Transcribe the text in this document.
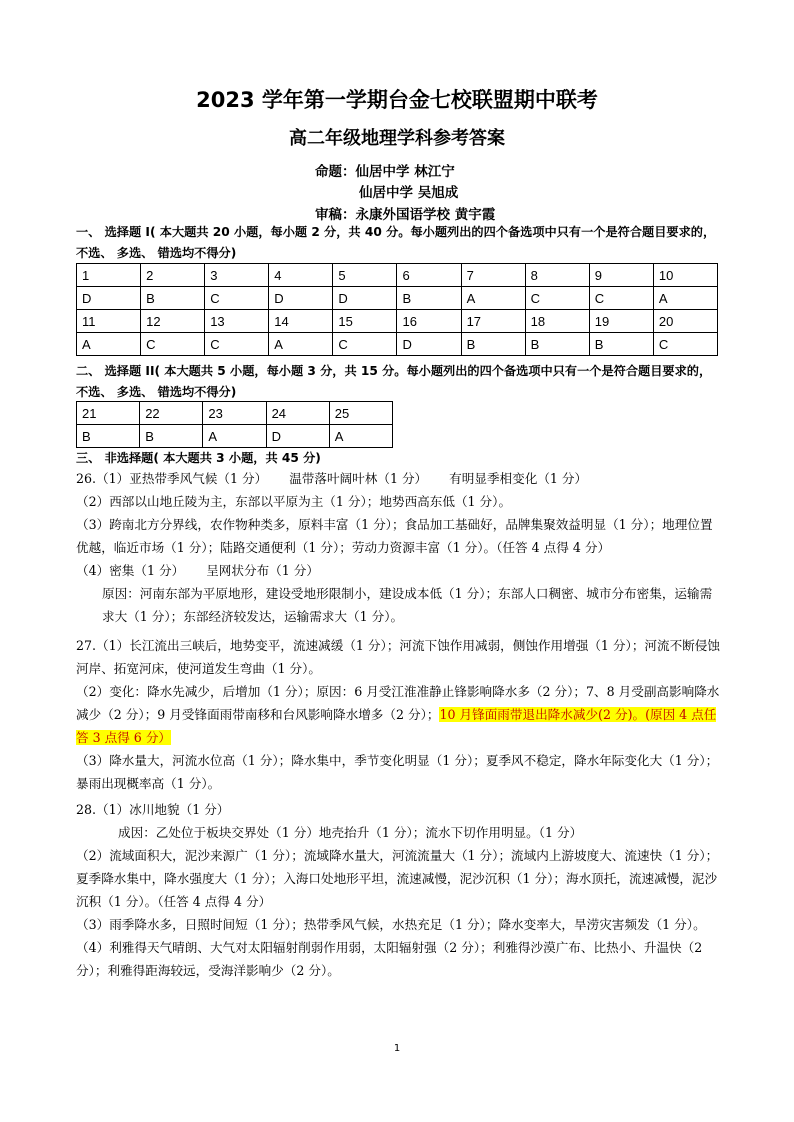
2023 学年第一学期台金七校联盟期中联考
高二年级地理学科参考答案
命题：仙居中学 林江宁
仙居中学 吴旭成
审稿：永康外国语学校 黄宇霞
一、 选择题 I( 本大题共 20 小题，每小题 2 分，共 40 分。每小题列出的四个备选项中只有一个是符合题目要求的，不选、 多选、 错选均不得分)
1	2	3	4	5	6	7	8	9	10
D	B	C	D	D	B	A	C	C	A
11	12	13	14	15	16	17	18	19	20
A	C	C	A	C	D	B	B	B	C
二、 选择题 II( 本大题共 5 小题，每小题 3 分，共 15 分。每小题列出的四个备选项中只有一个是符合题目要求的，不选、 多选、 错选均不得分)
21	22	23	24	25
B	B	A	D	A
三、 非选择题( 本大题共 3 小题，共 45 分)

26.（1）亚热带季风气候（1 分） 温带落叶阔叶林（1 分） 有明显季相变化（1 分）

（2）西部以山地丘陵为主，东部以平原为主（1 分）；地势西高东低（1 分）。

（3）跨南北方分界线，农作物种类多，原料丰富（1 分）；食品加工基础好，品牌集聚效益明显（1 分）；地理位置优越，临近市场（1 分）；陆路交通便利（1 分）；劳动力资源丰富（1 分）。（任答 4 点得 4 分）

（4）密集（1 分） 呈网状分布（1 分）

原因：河南东部为平原地形，建设受地形限制小，建设成本低（1 分）；东部人口稠密、城市分布密集，运输需求大（1 分）；东部经济较发达，运输需求大（1 分）。

27.（1）长江流出三峡后，地势变平，流速减缓（1 分）；河流下蚀作用减弱，侧蚀作用增强（1 分）；河流不断侵蚀河岸、拓宽河床，使河道发生弯曲（1 分）。

（2）变化：降水先减少，后增加（1 分）；原因：6 月受江淮准静止锋影响降水多（2 分）；7、8 月受副高影响降水减少（2 分）；9 月受锋面雨带南移和台风影响降水增多（2 分）；10 月锋面雨带退出降水减少(2 分)。(原因 4 点任答 3 点得 6 分）

（3）降水量大，河流水位高（1 分）；降水集中，季节变化明显（1 分）；夏季风不稳定，降水年际变化大（1 分）；暴雨出现概率高（1 分）。

28.（1）冰川地貌（1 分）

成因：乙处位于板块交界处（1 分）地壳抬升（1 分）；流水下切作用明显。（1 分）

（2）流域面积大，泥沙来源广（1 分）；流域降水量大，河流流量大（1 分）；流域内上游坡度大、流速快（1 分）；夏季降水集中，降水强度大（1 分）；入海口处地形平坦，流速减慢，泥沙沉积（1 分）；海水顶托，流速减慢，泥沙沉积（1 分）。（任答 4 点得 4 分）

（3）雨季降水多，日照时间短（1 分）；热带季风气候，水热充足（1 分）；降水变率大，旱涝灾害频发（1 分）。

（4）利雅得天气晴朗、大气对太阳辐射削弱作用弱，太阳辐射强（2 分）；利雅得沙漠广布、比热小、升温快（2 分）；利雅得距海较远，受海洋影响少（2 分）。

1
